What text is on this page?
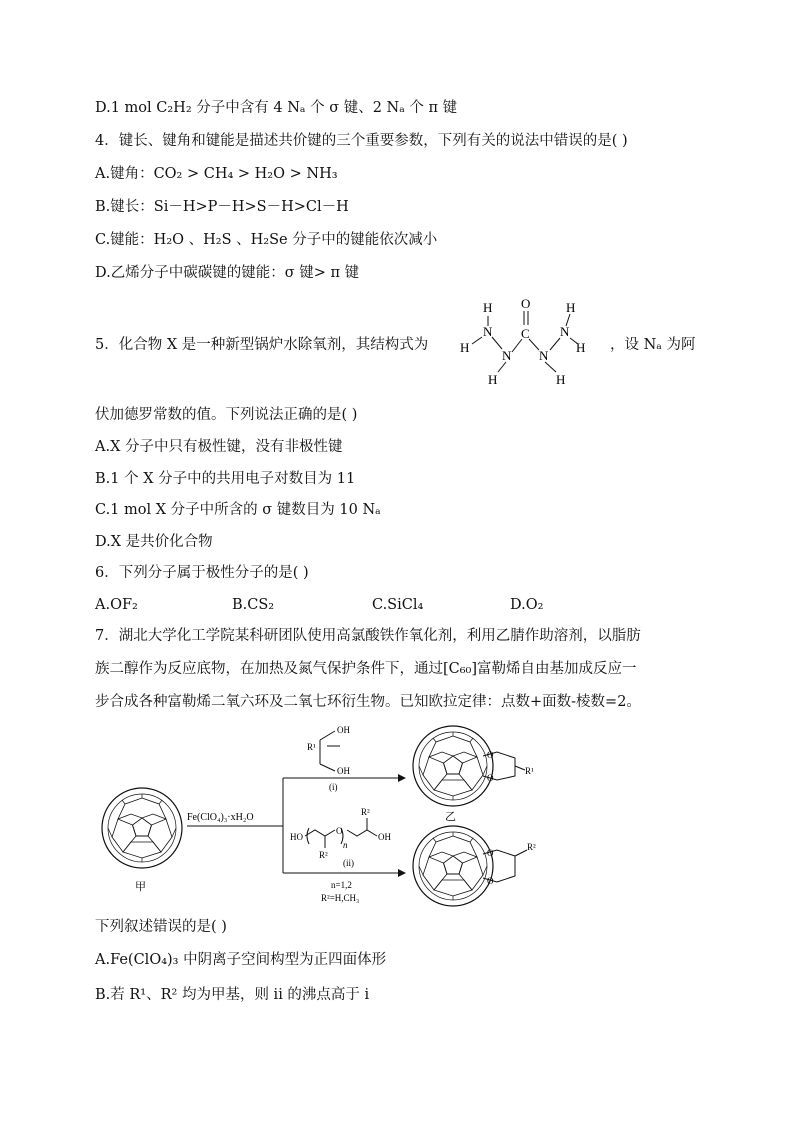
D.1 mol C₂H₂ 分子中含有 4 Nₐ 个 σ 键、2 Nₐ 个 π 键
4．键长、键角和键能是描述共价键的三个重要参数，下列有关的说法中错误的是( )
A.键角：CO₂ > CH₄ > H₂O > NH₃
B.键长：Si－H>P－H>S－H>Cl－H
C.键能：H₂O 、H₂S 、H₂Se 分子中的键能依次减小
D.乙烯分子中碳碳键的键能：σ 键> π 键
5．化合物 X 是一种新型锅炉水除氧剂，其结构式为
H
N
H
N
H
C
O
N
H
N
H
H ，设 Nₐ 为阿
伏加德罗常数的值。下列说法正确的是( )
A.X 分子中只有极性键，没有非极性键
B.1 个 X 分子中的共用电子对数目为 11
C.1 mol X 分子中所含的 σ 键数目为 10 Nₐ
D.X 是共价化合物
6．下列分子属于极性分子的是( )
A.OF₂	B.CS₂	C.SiCl₄	D.O₂
7．湖北大学化工学院某科研团队使用高氯酸铁作氧化剂，利用乙腈作助溶剂，以脂肪
族二醇作为反应底物，在加热及氮气保护条件下，通过[C₆₀]富勒烯自由基加成反应一
步合成各种富勒烯二氧六环及二氧七环衍生物。已知欧拉定律：点数+面数-棱数=2。
甲
Fe(ClO₄)₃·xH₂O
R¹
OH
OH
(i)
HO
O
n
OH
R²
R²
(ii)
n=1,2
R²=H,CH₃
O
O
R¹
乙
O
O
R²
下列叙述错误的是( )
A.Fe(ClO₄)₃ 中阴离子空间构型为正四面体形
B.若 R¹、R² 均为甲基，则 ii 的沸点高于 i
